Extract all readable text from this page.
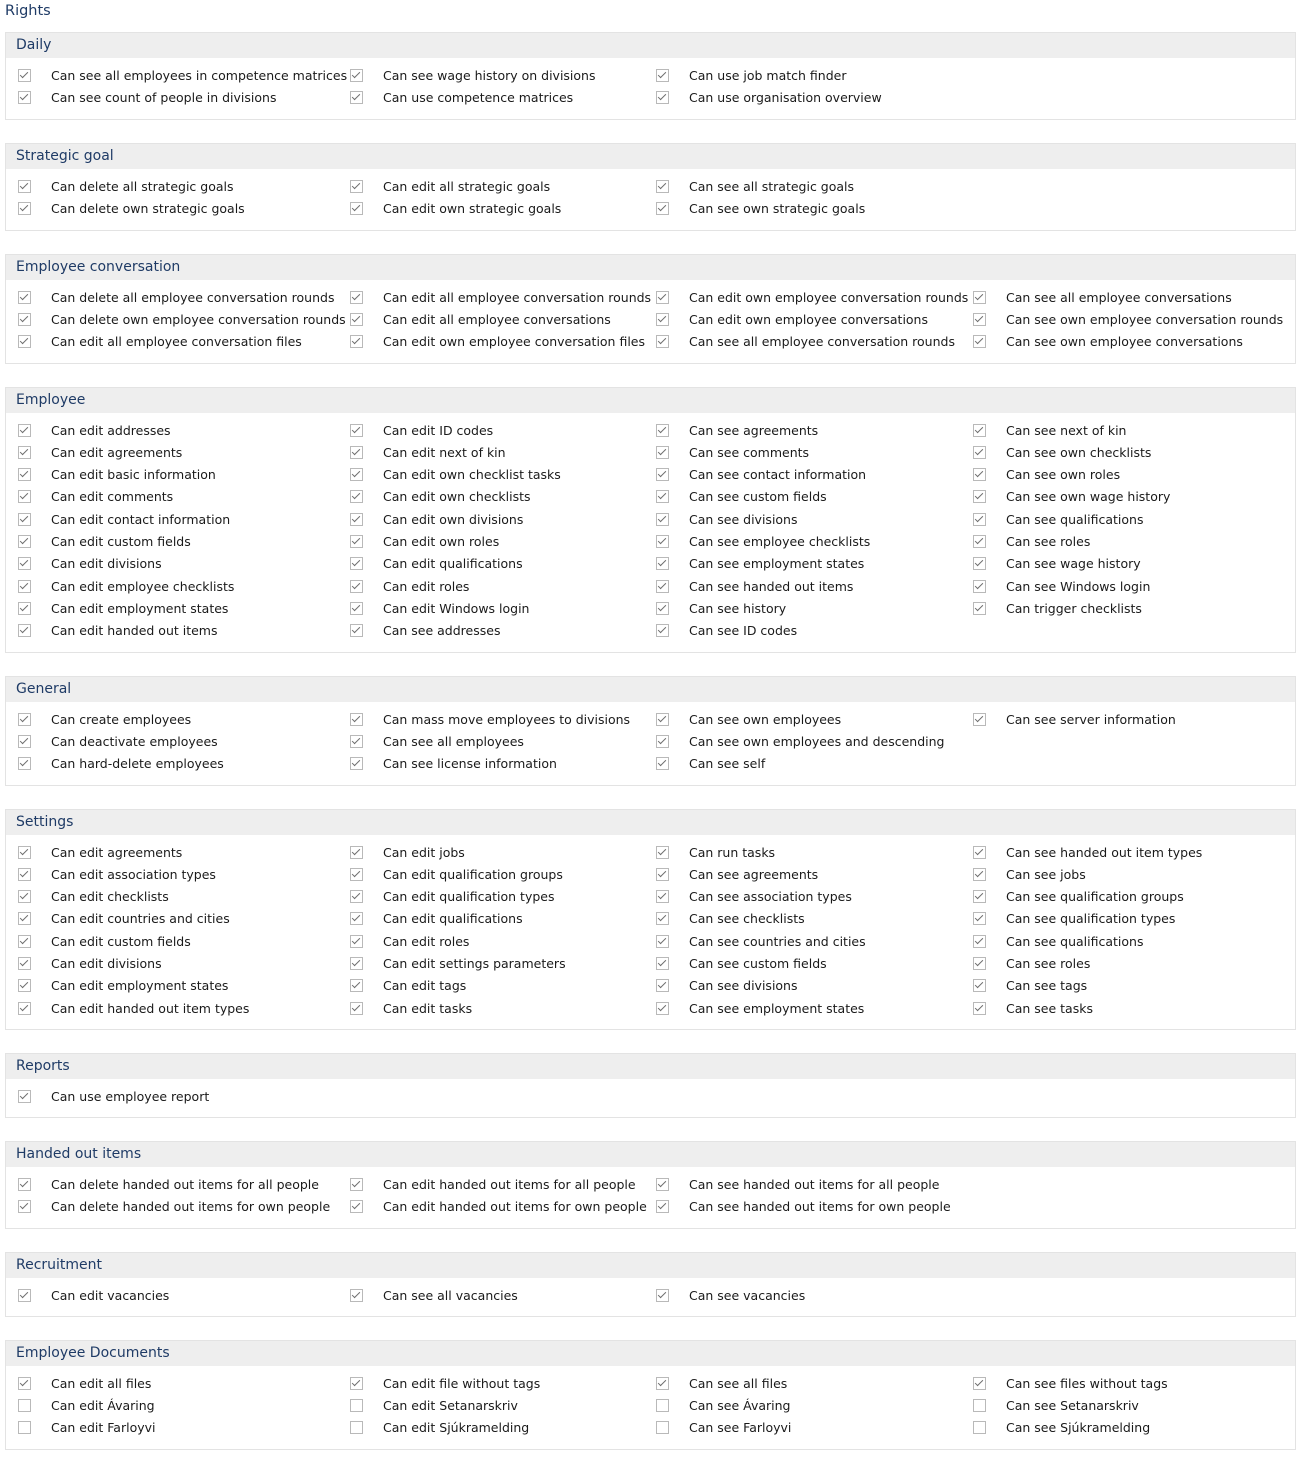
Rights
Daily
Can see all employees in competence matrices
Can see count of people in divisions
Can see wage history on divisions
Can use competence matrices
Can use job match finder
Can use organisation overview
Strategic goal
Can delete all strategic goals
Can delete own strategic goals
Can edit all strategic goals
Can edit own strategic goals
Can see all strategic goals
Can see own strategic goals
Employee conversation
Can delete all employee conversation rounds
Can delete own employee conversation rounds
Can edit all employee conversation files
Can edit all employee conversation rounds
Can edit all employee conversations
Can edit own employee conversation files
Can edit own employee conversation rounds
Can edit own employee conversations
Can see all employee conversation rounds
Can see all employee conversations
Can see own employee conversation rounds
Can see own employee conversations
Employee
Can edit addresses
Can edit agreements
Can edit basic information
Can edit comments
Can edit contact information
Can edit custom fields
Can edit divisions
Can edit employee checklists
Can edit employment states
Can edit handed out items
Can edit ID codes
Can edit next of kin
Can edit own checklist tasks
Can edit own checklists
Can edit own divisions
Can edit own roles
Can edit qualifications
Can edit roles
Can edit Windows login
Can see addresses
Can see agreements
Can see comments
Can see contact information
Can see custom fields
Can see divisions
Can see employee checklists
Can see employment states
Can see handed out items
Can see history
Can see ID codes
Can see next of kin
Can see own checklists
Can see own roles
Can see own wage history
Can see qualifications
Can see roles
Can see wage history
Can see Windows login
Can trigger checklists
General
Can create employees
Can deactivate employees
Can hard-delete employees
Can mass move employees to divisions
Can see all employees
Can see license information
Can see own employees
Can see own employees and descending
Can see self
Can see server information
Settings
Can edit agreements
Can edit association types
Can edit checklists
Can edit countries and cities
Can edit custom fields
Can edit divisions
Can edit employment states
Can edit handed out item types
Can edit jobs
Can edit qualification groups
Can edit qualification types
Can edit qualifications
Can edit roles
Can edit settings parameters
Can edit tags
Can edit tasks
Can run tasks
Can see agreements
Can see association types
Can see checklists
Can see countries and cities
Can see custom fields
Can see divisions
Can see employment states
Can see handed out item types
Can see jobs
Can see qualification groups
Can see qualification types
Can see qualifications
Can see roles
Can see tags
Can see tasks
Reports
Can use employee report
Handed out items
Can delete handed out items for all people
Can delete handed out items for own people
Can edit handed out items for all people
Can edit handed out items for own people
Can see handed out items for all people
Can see handed out items for own people
Recruitment
Can edit vacancies	Can see all vacancies	Can see vacancies
Employee Documents
Can edit all files
Can edit Ávaring
Can edit Farloyvi
Can edit file without tags
Can edit Setanarskriv
Can edit Sjúkramelding
Can see all files
Can see Ávaring
Can see Farloyvi
Can see files without tags
Can see Setanarskriv
Can see Sjúkramelding
